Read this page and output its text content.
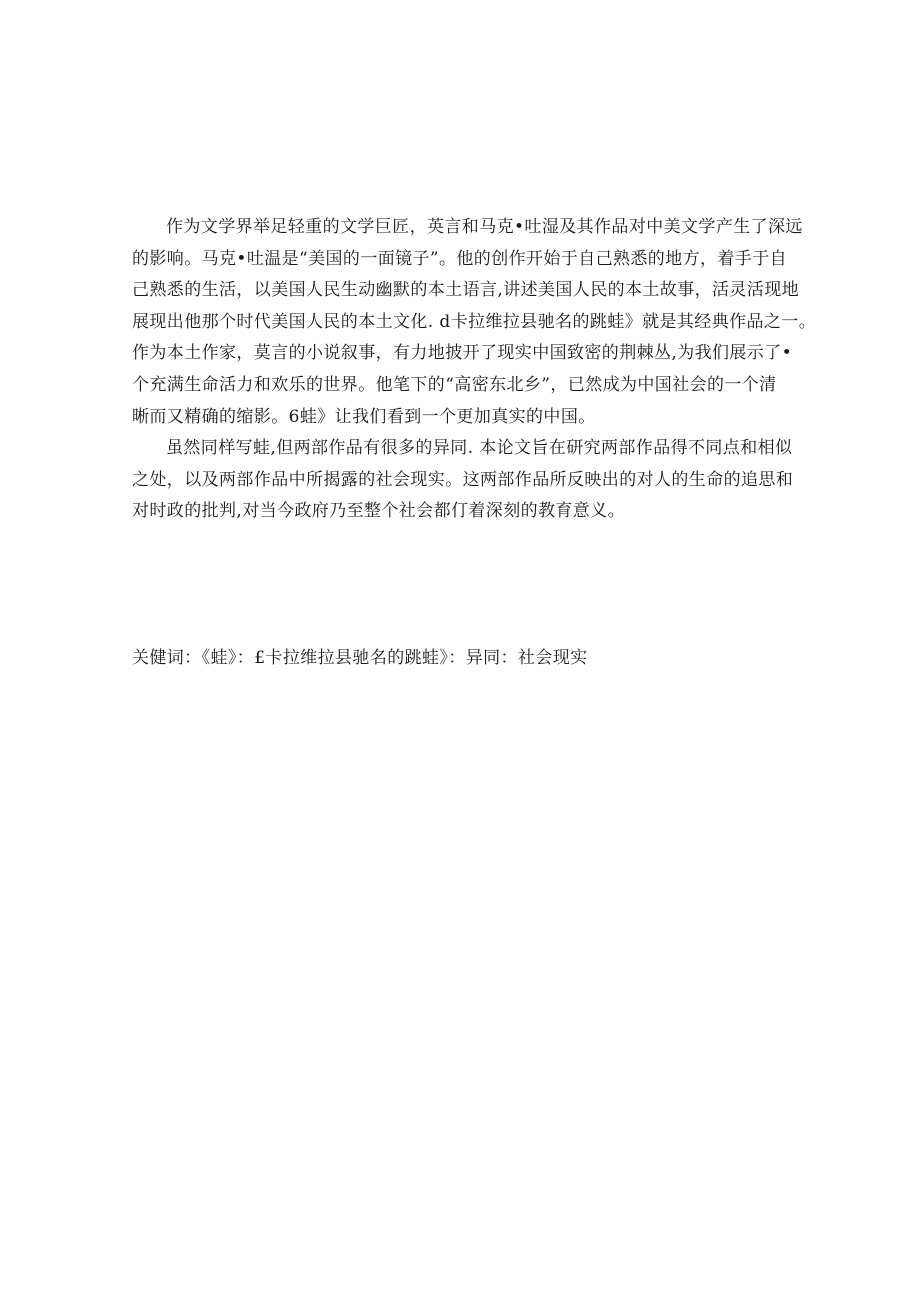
作为文学界举足轻重的文学巨匠，英言和马克•吐湿及其作品对中美文学产生了深远
的影响。马克•吐温是“美国的一面镜子”。他的创作开始于自己熟悉的地方，着手于自
己熟悉的生活，以美国人民生动幽默的本土语言,讲述美国人民的本土故事，活灵活现地
展现出他那个时代美国人民的本土文化. d卡拉维拉县驰名的跳蛙》就是其经典作品之一。
作为本土作家，莫言的小说叙事，有力地披开了现实中国致密的荆棘丛,为我们展示了•
个充满生命活力和欢乐的世界。他笔下的“高密东北乡”，已然成为中国社会的一个清
晰而又精确的缩影。6蛙》让我们看到一个更加真实的中国。
虽然同样写蛙,但两部作品有很多的异同. 本论文旨在研究两部作品得不同点和相似
之处，以及两部作品中所揭露的社会现实。这两部作品所反映出的对人的生命的追思和
对时政的批判,对当今政府乃至整个社会都仃着深刻的教育意义。
关健词：《蛙》：£卡拉维拉县驰名的跳蛙》：异同：社会现实
